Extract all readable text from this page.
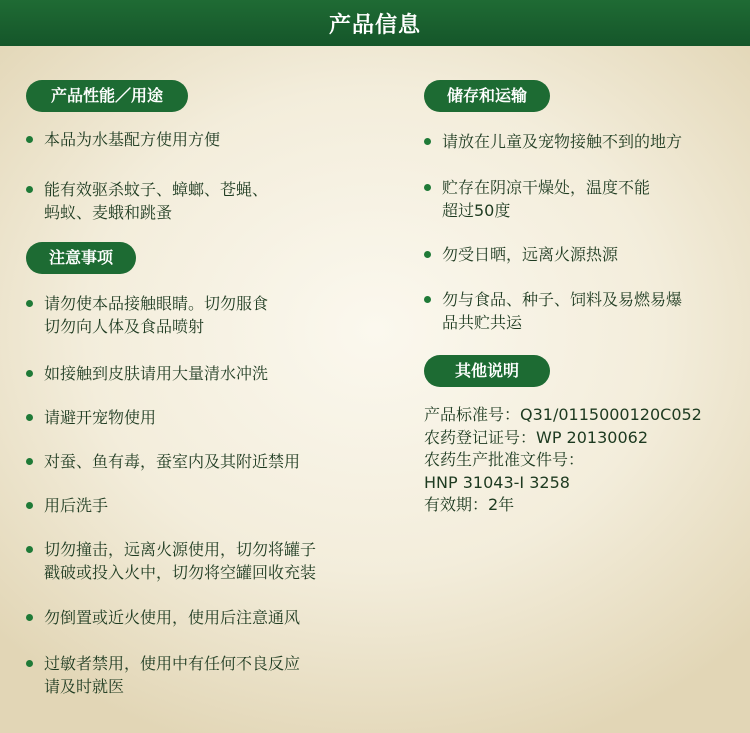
产品信息
产品性能／用途
本品为水基配方使用方便
能有效驱杀蚊子、蟑螂、苍蝇、
蚂蚁、麦蛾和跳蚤
注意事项
请勿使本品接触眼睛。切勿服食
切勿向人体及食品喷射
如接触到皮肤请用大量清水冲洗
请避开宠物使用
对蚕、鱼有毒，蚕室内及其附近禁用
用后洗手
切勿撞击，远离火源使用，切勿将罐子
戳破或投入火中，切勿将空罐回收充装
勿倒置或近火使用，使用后注意通风
过敏者禁用，使用中有任何不良反应
请及时就医
储存和运输
请放在儿童及宠物接触不到的地方
贮存在阴凉干燥处，温度不能
超过50度
勿受日晒，远离火源热源
勿与食品、种子、饲料及易燃易爆
品共贮共运
其他说明
产品标准号：Q31/0115000120C052
农药登记证号：WP 20130062
农药生产批准文件号：
HNP 31043-I 3258
有效期：2年
